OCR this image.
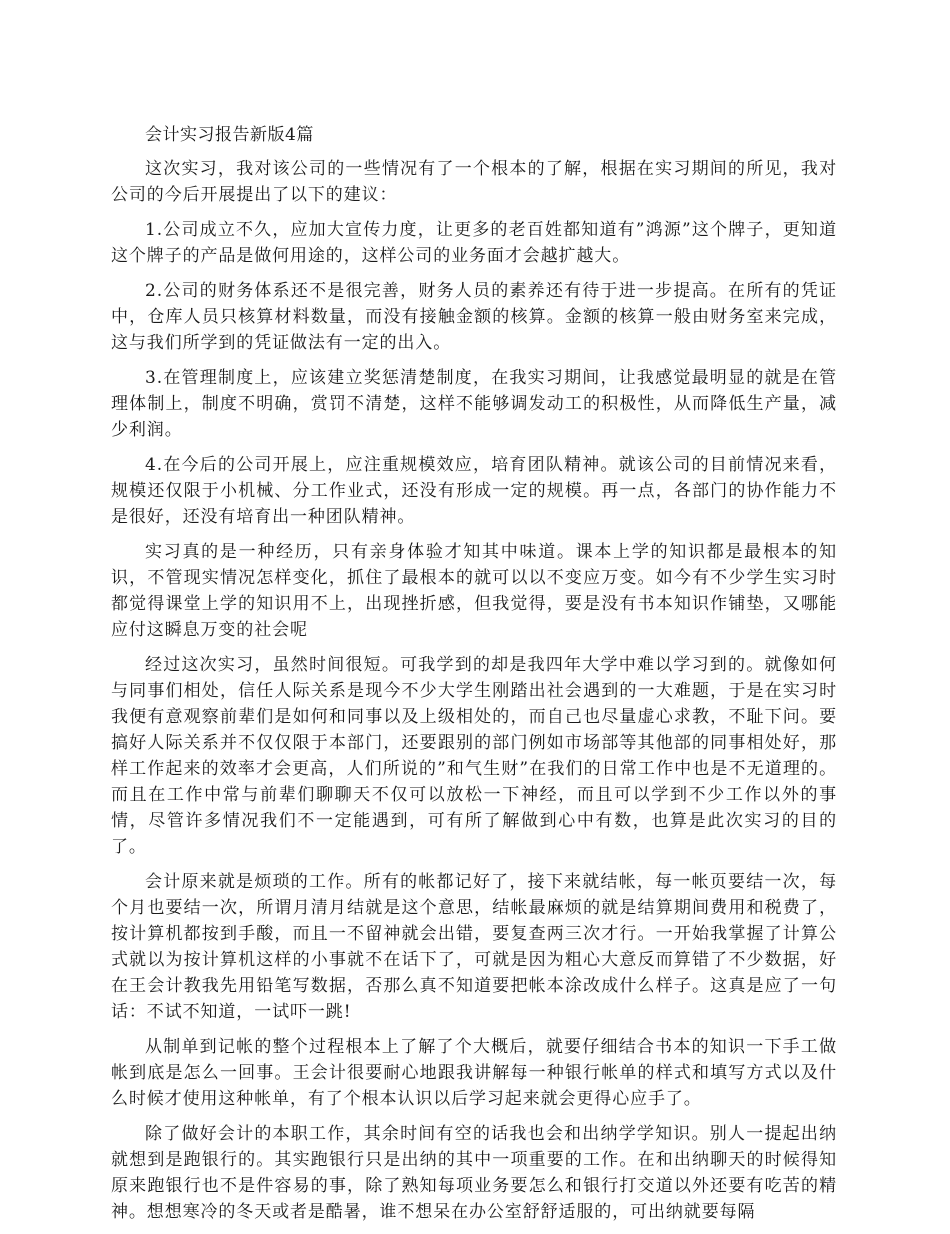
会计实习报告新版4篇

这次实习，我对该公司的一些情况有了一个根本的了解，根据在实习期间的所见，我对公司的今后开展提出了以下的建议：

1.公司成立不久，应加大宣传力度，让更多的老百姓都知道有”鸿源”这个牌子，更知道这个牌子的产品是做何用途的，这样公司的业务面才会越扩越大。

2.公司的财务体系还不是很完善，财务人员的素养还有待于进一步提高。在所有的凭证中，仓库人员只核算材料数量，而没有接触金额的核算。金额的核算一般由财务室来完成，这与我们所学到的凭证做法有一定的出入。

3.在管理制度上，应该建立奖惩清楚制度，在我实习期间，让我感觉最明显的就是在管理体制上，制度不明确，赏罚不清楚，这样不能够调发动工的积极性，从而降低生产量，减少利润。

4.在今后的公司开展上，应注重规模效应，培育团队精神。就该公司的目前情况来看，规模还仅限于小机械、分工作业式，还没有形成一定的规模。再一点，各部门的协作能力不是很好，还没有培育出一种团队精神。

实习真的是一种经历，只有亲身体验才知其中味道。课本上学的知识都是最根本的知识，不管现实情况怎样变化，抓住了最根本的就可以以不变应万变。如今有不少学生实习时都觉得课堂上学的知识用不上，出现挫折感，但我觉得，要是没有书本知识作铺垫，又哪能应付这瞬息万变的社会呢

经过这次实习，虽然时间很短。可我学到的却是我四年大学中难以学习到的。就像如何与同事们相处，信任人际关系是现今不少大学生刚踏出社会遇到的一大难题，于是在实习时我便有意观察前辈们是如何和同事以及上级相处的，而自己也尽量虚心求教，不耻下问。要搞好人际关系并不仅仅限于本部门，还要跟别的部门例如市场部等其他部的同事相处好，那样工作起来的效率才会更高，人们所说的”和气生财”在我们的日常工作中也是不无道理的。而且在工作中常与前辈们聊聊天不仅可以放松一下神经，而且可以学到不少工作以外的事情，尽管许多情况我们不一定能遇到，可有所了解做到心中有数，也算是此次实习的目的了。

会计原来就是烦琐的工作。所有的帐都记好了，接下来就结帐，每一帐页要结一次，每个月也要结一次，所谓月清月结就是这个意思，结帐最麻烦的就是结算期间费用和税费了，按计算机都按到手酸，而且一不留神就会出错，要复查两三次才行。一开始我掌握了计算公式就以为按计算机这样的小事就不在话下了，可就是因为粗心大意反而算错了不少数据，好在王会计教我先用铅笔写数据，否那么真不知道要把帐本涂改成什么样子。这真是应了一句话：不试不知道，一试吓一跳!

从制单到记帐的整个过程根本上了解了个大概后，就要仔细结合书本的知识一下手工做帐到底是怎么一回事。王会计很要耐心地跟我讲解每一种银行帐单的样式和填写方式以及什么时候才使用这种帐单，有了个根本认识以后学习起来就会更得心应手了。

除了做好会计的本职工作，其余时间有空的话我也会和出纳学学知识。别人一提起出纳就想到是跑银行的。其实跑银行只是出纳的其中一项重要的工作。在和出纳聊天的时候得知原来跑银行也不是件容易的事，除了熟知每项业务要怎么和银行打交道以外还要有吃苦的精神。想想寒冷的冬天或者是酷暑，谁不想呆在办公室舒舒适服的，可出纳就要每隔
